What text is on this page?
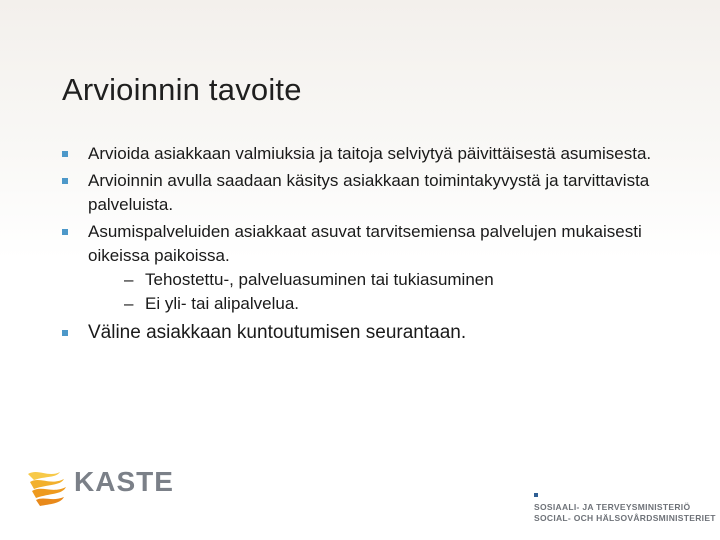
Arvioinnin tavoite
Arvioida asiakkaan valmiuksia ja taitoja selviytyä päivittäisestä asumisesta.
Arvioinnin avulla saadaan käsitys asiakkaan toimintakyvystä ja tarvittavista palveluista.
Asumispalveluiden asiakkaat asuvat tarvitsemiensa palvelujen mukaisesti oikeissa paikoissa.
– Tehostettu-, palveluasuminen tai tukiasuminen
– Ei yli- tai alipalvelua.
Väline asiakkaan kuntoutumisen seurantaan.
KASTE
SOSIAALI- JA TERVEYSMINISTERIÖ
SOCIAL- OCH HÄLSOVÅRDSMINISTERIET
